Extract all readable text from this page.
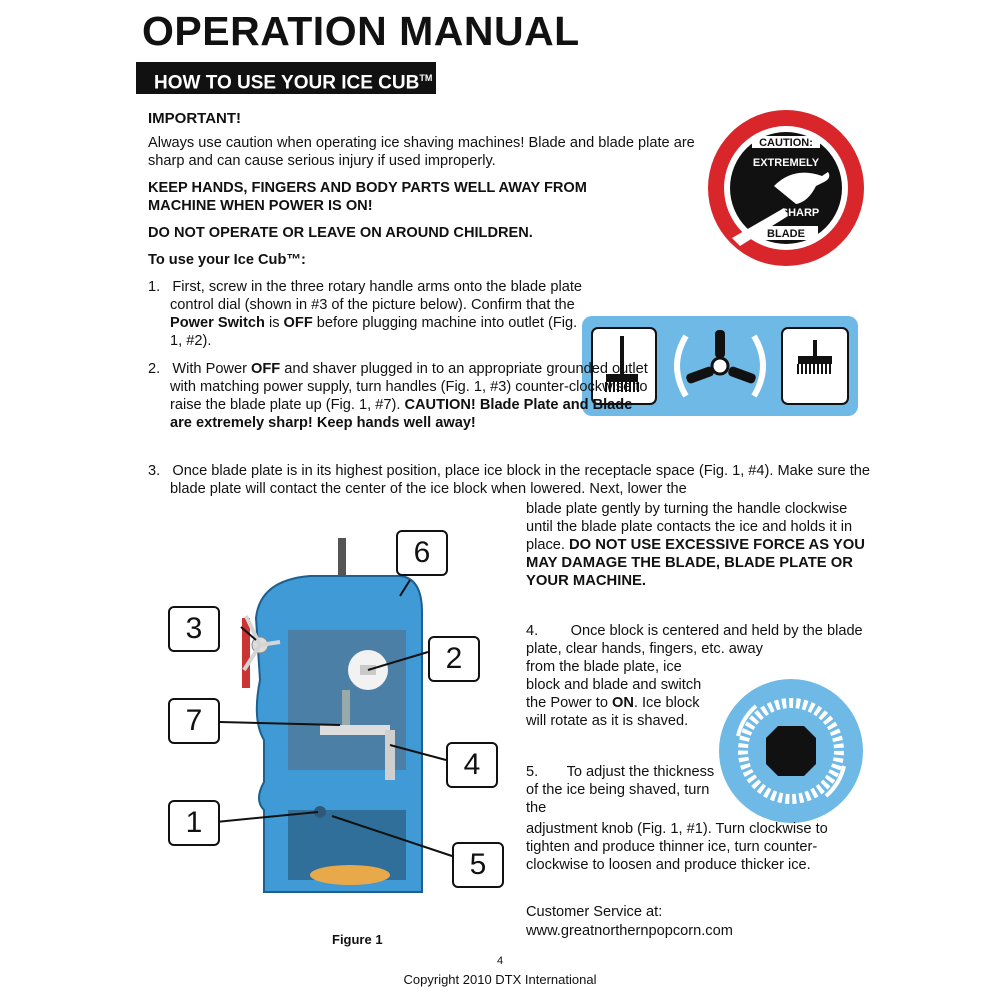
OPERATION MANUAL
HOW TO USE YOUR ICE CUB™
IMPORTANT!
Always use caution when operating ice shaving machines! Blade and blade plate are sharp and can cause serious injury if used improperly.
KEEP HANDS, FINGERS AND BODY PARTS WELL AWAY FROM MACHINE WHEN POWER IS ON!
DO NOT OPERATE OR LEAVE ON AROUND CHILDREN.
To use your Ice Cub™:
CAUTION:
EXTREMELY
SHARP
BLADE
1. First, screw in the three rotary handle arms onto the blade plate control dial (shown in #3 of the picture below). Confirm that the Power Switch is OFF before plugging machine into outlet (Fig. 1, #2).
2. With Power OFF and shaver plugged in to an appropriate grounded outlet with matching power supply, turn handles (Fig. 1, #3) counter-clockwise to raise the blade plate up (Fig. 1, #7). CAUTION! Blade Plate and Blade are extremely sharp! Keep hands well away!
3. Once blade plate is in its highest position, place ice block in the receptacle space (Fig. 1, #4). Make sure the blade plate will contact the center of the ice block when lowered. Next, lower the
blade plate gently by turning the handle clockwise until the blade plate contacts the ice and holds it in place. DO NOT USE EXCESSIVE FORCE AS YOU MAY DAMAGE THE BLADE, BLADE PLATE OR YOUR MACHINE.
4. Once block is centered and held by the blade plate, clear hands, fingers, etc. away
from the blade plate, ice block and blade and switch the Power to ON. Ice block will rotate as it is shaved.
5. To adjust the thickness of the ice being shaved, turn the
adjustment knob (Fig. 1, #1). Turn clockwise to tighten and produce thinner ice, turn counter-clockwise to loosen and produce thicker ice.
Customer Service at:
www.greatnorthernpopcorn.com
3
6
2
7
4
1
5
Figure 1
4
Copyright 2010 DTX International
